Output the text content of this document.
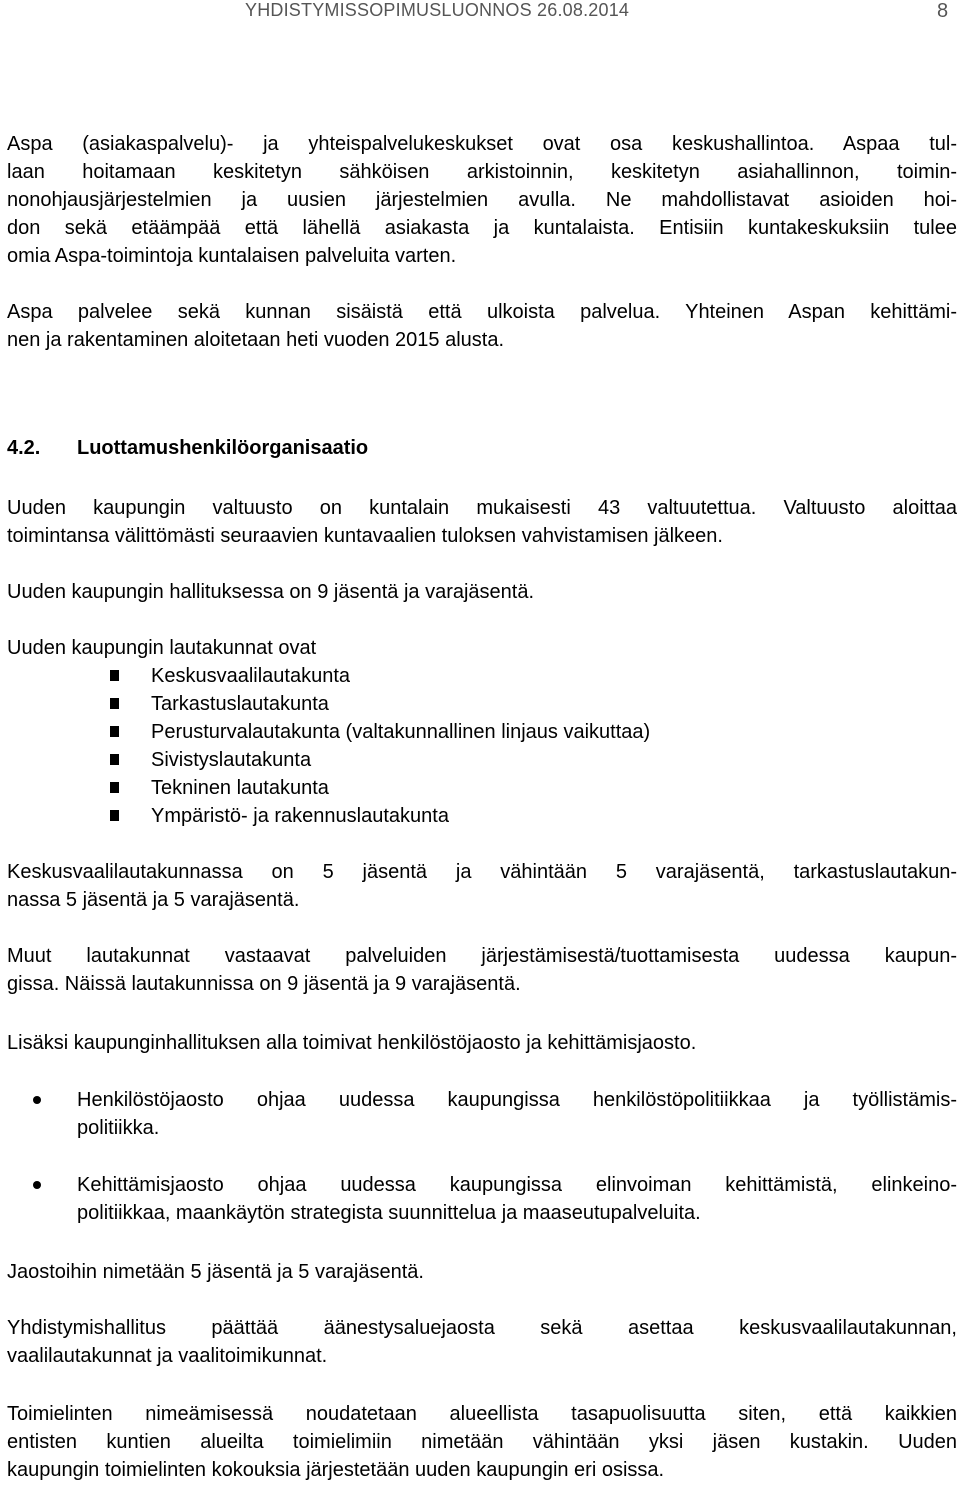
YHDISTYMISSOPIMUSLUONNOS 26.08.2014	8
Aspa (asiakaspalvelu)- ja yhteispalvelukeskukset ovat osa keskushallintoa. Aspaa tul-
laan hoitamaan keskitetyn sähköisen arkistoinnin, keskitetyn asiahallinnon, toimin-
nonohjausjärjestelmien ja uusien järjestelmien avulla. Ne mahdollistavat asioiden hoi-
don sekä etäämpää että lähellä asiakasta ja kuntalaista. Entisiin kuntakeskuksiin tulee
omia Aspa-toimintoja kuntalaisen palveluita varten.
Aspa palvelee sekä kunnan sisäistä että ulkoista palvelua. Yhteinen Aspan kehittämi-
nen ja rakentaminen aloitetaan heti vuoden 2015 alusta.
4.2. Luottamushenkilöorganisaatio
Uuden kaupungin valtuusto on kuntalain mukaisesti 43 valtuutettua. Valtuusto aloittaa
toimintansa välittömästi seuraavien kuntavaalien tuloksen vahvistamisen jälkeen.
Uuden kaupungin hallituksessa on 9 jäsentä ja varajäsentä.
Uuden kaupungin lautakunnat ovat
Keskusvaalilautakunta
Tarkastuslautakunta
Perusturvalautakunta (valtakunnallinen linjaus vaikuttaa)
Sivistyslautakunta
Tekninen lautakunta
Ympäristö- ja rakennuslautakunta
Keskusvaalilautakunnassa on 5 jäsentä ja vähintään 5 varajäsentä, tarkastuslautakun-
nassa 5 jäsentä ja 5 varajäsentä.
Muut lautakunnat vastaavat palveluiden järjestämisestä/tuottamisesta uudessa kaupun-
gissa. Näissä lautakunnissa on 9 jäsentä ja 9 varajäsentä.
Lisäksi kaupunginhallituksen alla toimivat henkilöstöjaosto ja kehittämisjaosto.
Henkilöstöjaosto ohjaa uudessa kaupungissa henkilöstöpolitiikkaa ja työllistämis-
politiikka.
Kehittämisjaosto ohjaa uudessa kaupungissa elinvoiman kehittämistä, elinkeino-
politiikkaa, maankäytön strategista suunnittelua ja maaseutupalveluita.
Jaostoihin nimetään 5 jäsentä ja 5 varajäsentä.
Yhdistymishallitus päättää äänestysaluejaosta sekä asettaa keskusvaalilautakunnan,
vaalilautakunnat ja vaalitoimikunnat.
Toimielinten nimeämisessä noudatetaan alueellista tasapuolisuutta siten, että kaikkien
entisten kuntien alueilta toimielimiin nimetään vähintään yksi jäsen kustakin. Uuden
kaupungin toimielinten kokouksia järjestetään uuden kaupungin eri osissa.
